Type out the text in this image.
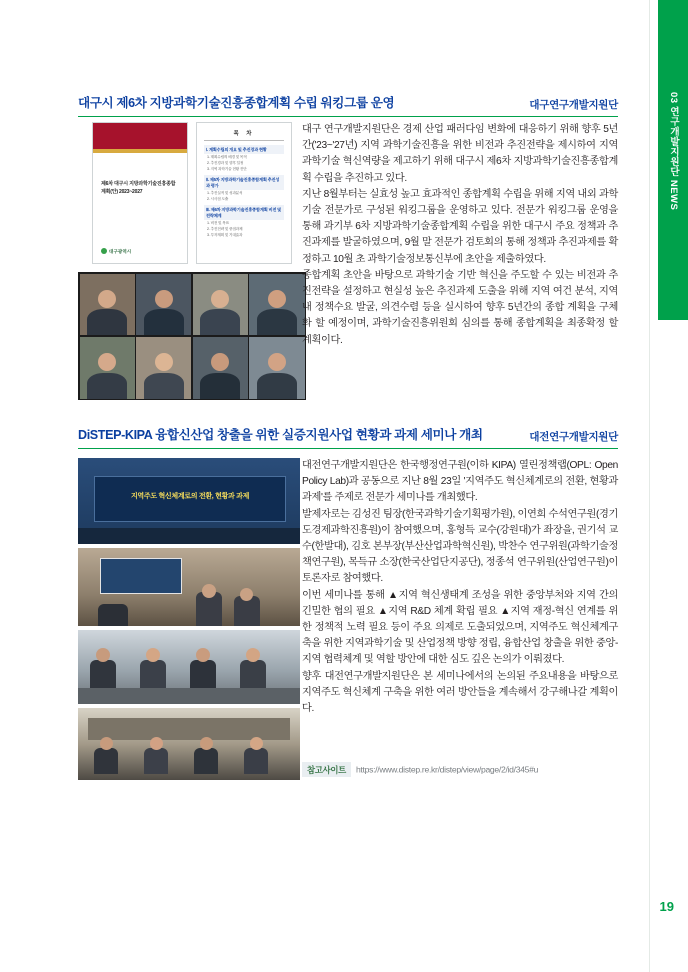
03 연구개발지원단 NEWS
19
대구시 제6차 지방과학기술진흥종합계획 수립 워킹그룹 운영	대구연구개발지원단
제6차 대구시 지방과학기술진흥종합계획(안) 2023~2027
대구광역시
목 차
Ⅰ. 계획수립의 개요 및 추진경과 현황
1. 계획수립의 배경 및 목적
2. 추진경과 및 향후 일정
3. 지역 과학기술 현황 진단
Ⅱ. 제5차 지방과학기술진흥종합계획 추진성과 평가
1. 추진실적 및 성과분석
2. 시사점 도출
Ⅲ. 제6차 지방과학기술진흥종합계획 비전 및 전략체계
1. 비전 및 목표
2. 추진전략 및 중점과제
3. 투자계획 및 기대효과

대구 연구개발지원단은 경제 산업 패러다임 변화에 대응하기 위해 향후 5년간('23~'27년) 지역 과학기술진흥을 위한 비전과 추진전략을 제시하여 지역 과학기술 혁신역량을 제고하기 위해 대구시 제6차 지방과학기술진흥종합계획 수립을 추진하고 있다.

지난 8월부터는 실효성 높고 효과적인 종합계획 수립을 위해 지역 내외 과학기술 전문가로 구성된 워킹그룹을 운영하고 있다. 전문가 워킹그룹 운영을 통해 과기부 6차 지방과학기술종합계획 수립을 위한 대구시 주요 정책과 추진과제를 발굴하였으며, 9월 말 전문가 검토회의 통해 정책과 추진과제를 확정하고 10월 초 과학기술정보통신부에 초안을 제출하였다.

종합계획 초안을 바탕으로 과학기술 기반 혁신을 주도할 수 있는 비전과 추진전략을 설정하고 현실성 높은 추진과제 도출을 위해 지역 여건 분석, 지역 내 정책수요 발굴, 의견수렴 등을 실시하여 향후 5년간의 종합 계획을 구체화 할 예정이며, 과학기술진흥위원회 심의를 통해 종합계획을 최종확정 할 계획이다.

DiSTEP-KIPA 융합신산업 창출을 위한 실증지원사업 현황과 과제 세미나 개최	대전연구개발지원단
지역주도 혁신체계로의 전환, 현황과 과제

대전연구개발지원단은 한국행정연구원(이하 KIPA) 열린정책랩(OPL: Open Policy Lab)과 공동으로 지난 8월 23일 '지역주도 혁신체계로의 전환, 현황과 과제'를 주제로 전문가 세미나를 개최했다.

발제자로는 김성진 팀장(한국과학기술기획평가원), 이연희 수석연구원(경기도경제과학진흥원)이 참여했으며, 홍형득 교수(강원대)가 좌장을, 권기석 교수(한발대), 김호 본부장(부산산업과학혁신원), 박찬수 연구위원(과학기술정책연구원), 목득규 소장(한국산업단지공단), 정종석 연구위원(산업연구원)이 토론자로 참여했다.

이번 세미나를 통해 ▲지역 혁신생태계 조성을 위한 중앙부처와 지역 간의 긴밀한 협의 필요 ▲지역 R&D 체계 확립 필요 ▲지역 재정-혁신 연계를 위한 정책적 노력 필요 등이 주요 의제로 도출되었으며, 지역주도 혁신체계구축을 위한 지역과학기술 및 산업정책 방향 정립, 융합산업 창출을 위한 중앙-지역 협력체계 및 역할 방안에 대한 심도 깊은 논의가 이뤄졌다.

향후 대전연구개발지원단은 본 세미나에서의 논의된 주요내용을 바탕으로 지역주도 혁신체계 구축을 위한 여러 방안들을 계속해서 강구해나갈 계획이다.

참고사이트 https://www.distep.re.kr/distep/view/page/2/id/345#u
